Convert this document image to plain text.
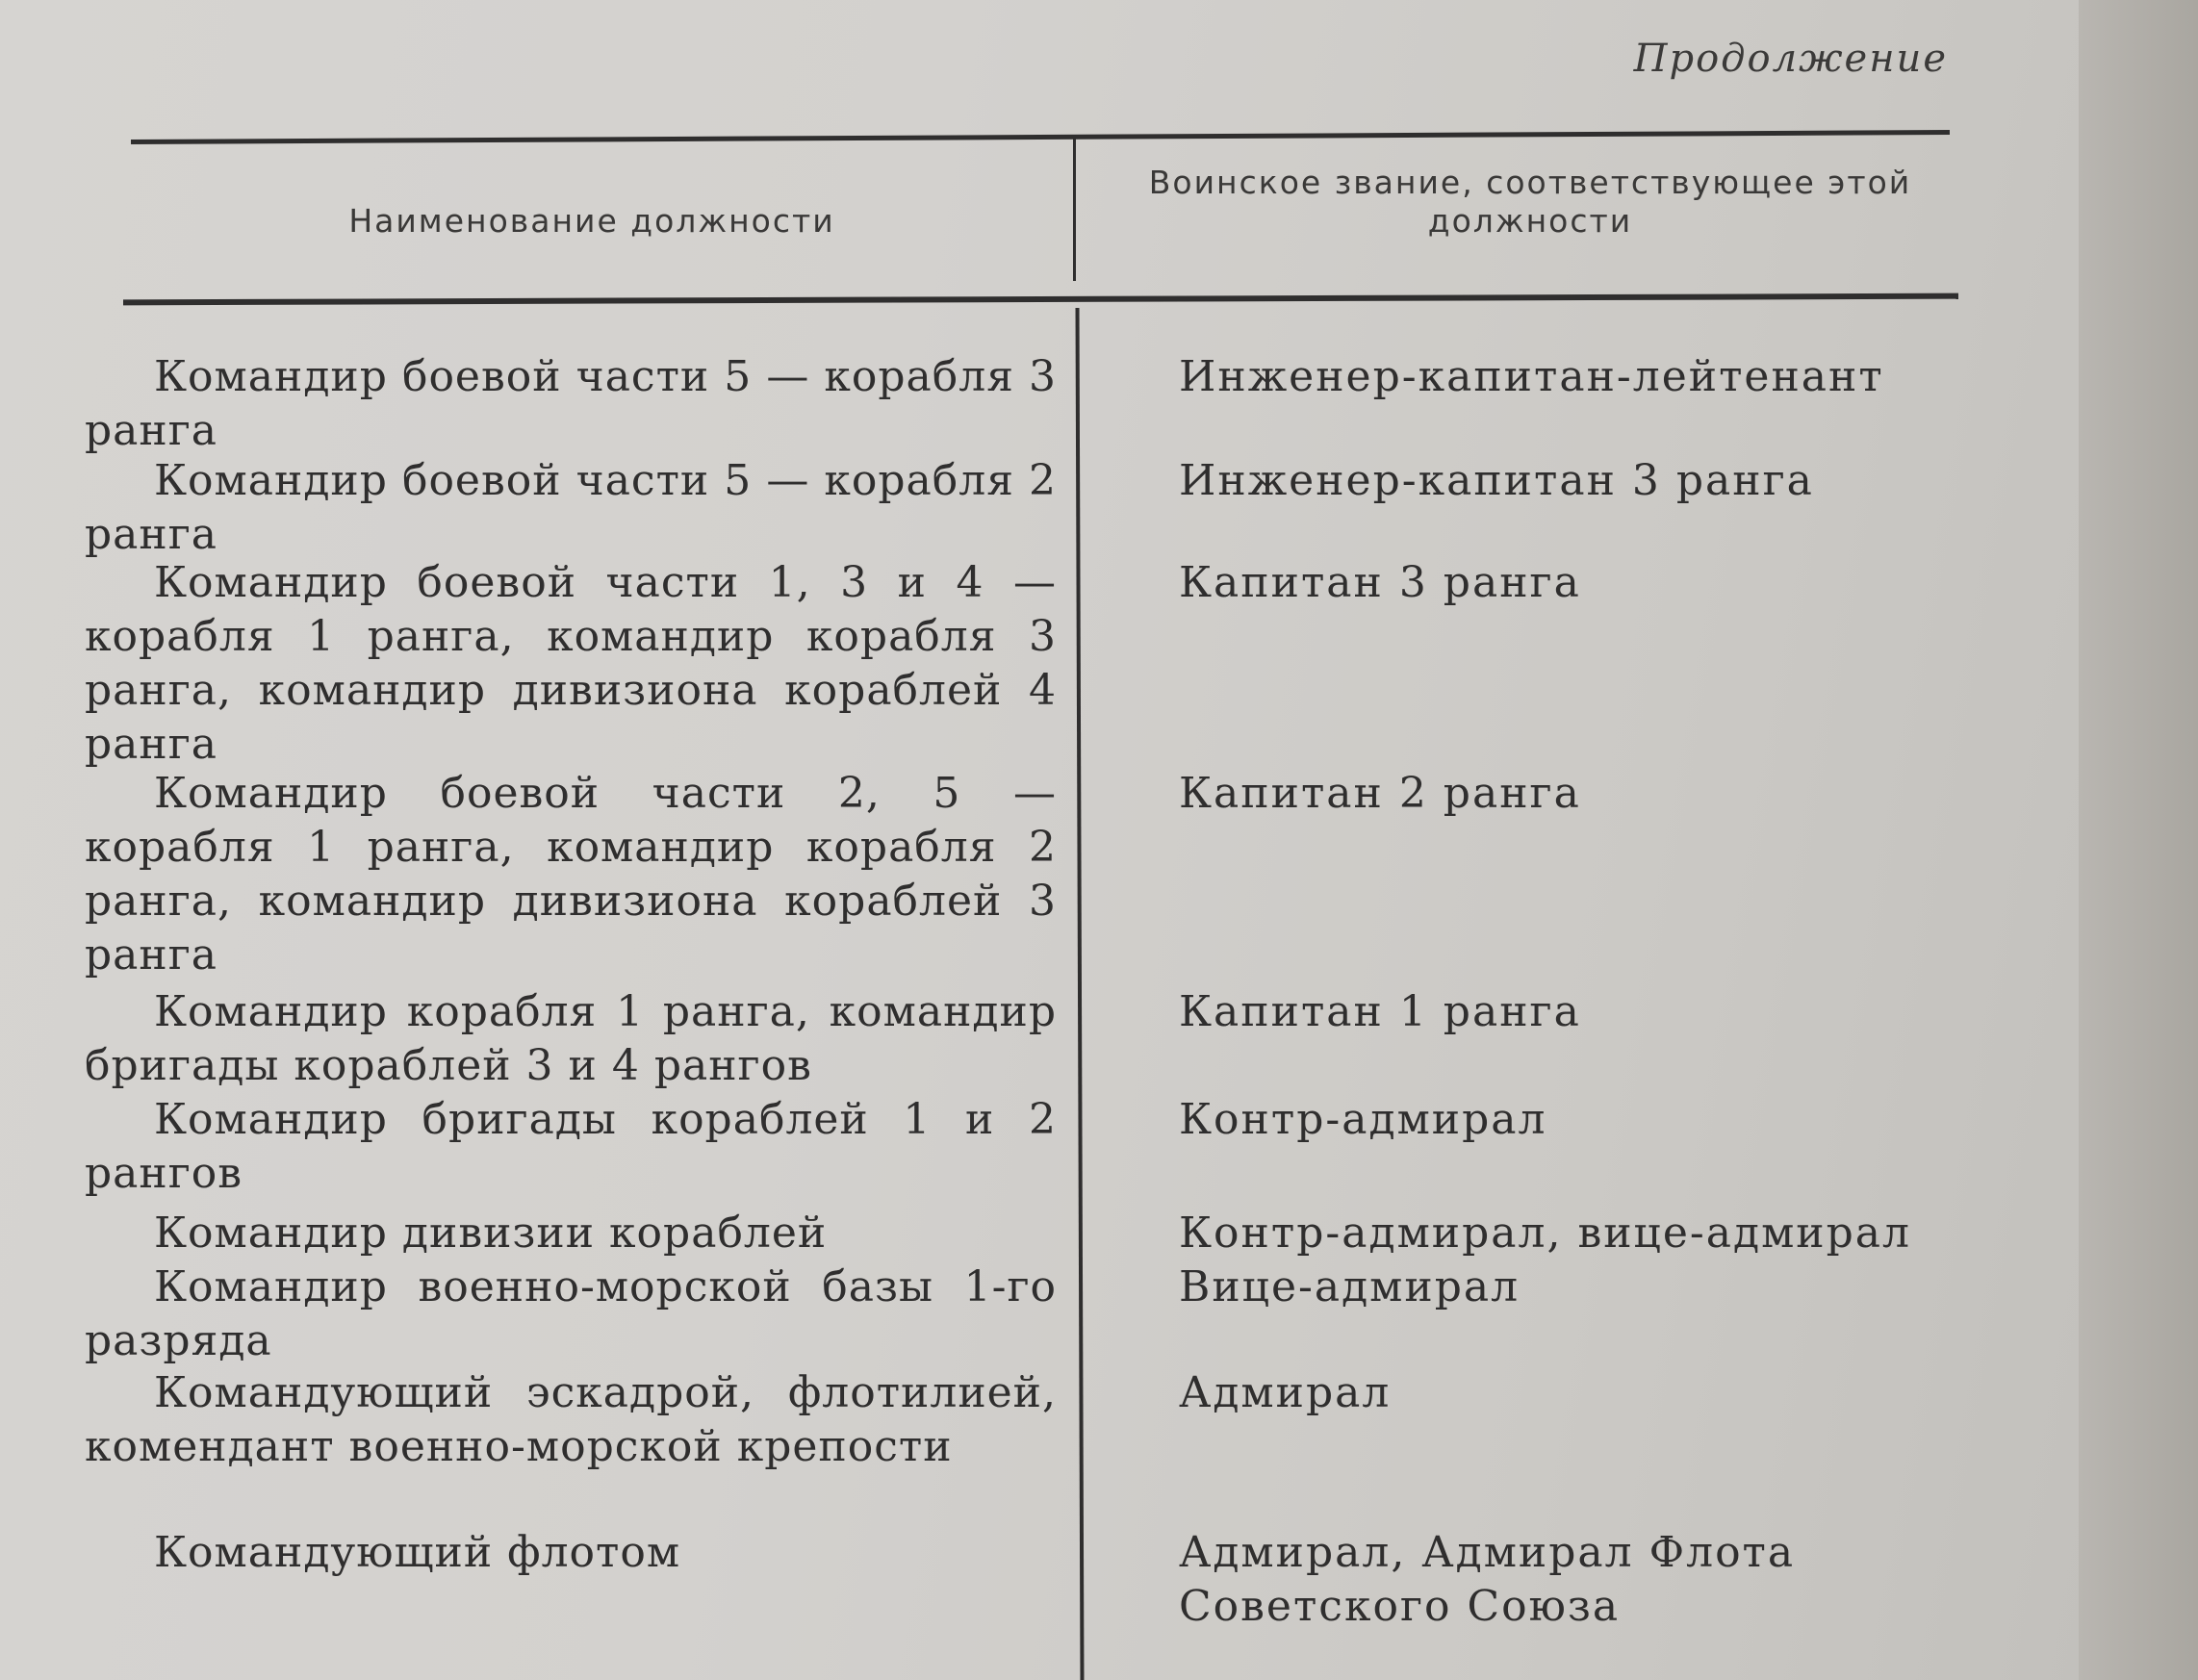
Продолжение
Наименование должности
Воинское звание, соответствующее этой должности
Командир боевой части 5 — корабля 3 ранга
Инженер-капитан-лейтенант
Командир боевой части 5 — корабля 2 ранга
Инженер-капитан 3 ранга
Командир боевой части 1, 3 и 4 — корабля 1 ранга, командир корабля 3 ранга, командир дивизиона кораблей 4 ранга
Капитан 3 ранга
Командир боевой части 2, 5 — корабля 1 ранга, командир корабля 2 ранга, командир дивизиона кораблей 3 ранга
Капитан 2 ранга
Командир корабля 1 ранга, командир бригады кораблей 3 и 4 рангов
Капитан 1 ранга
Командир бригады кораблей 1 и 2 рангов
Контр-адмирал
Командир дивизии кораблей	Контр-адмирал, вице-адмирал
Командир военно-морской базы 1-го разряда
Вице-адмирал
Командующий эскадрой, флотилией, комендант военно-морской крепости
Адмирал
Командующий флотом	Адмирал, Адмирал Флота Советского Союза
